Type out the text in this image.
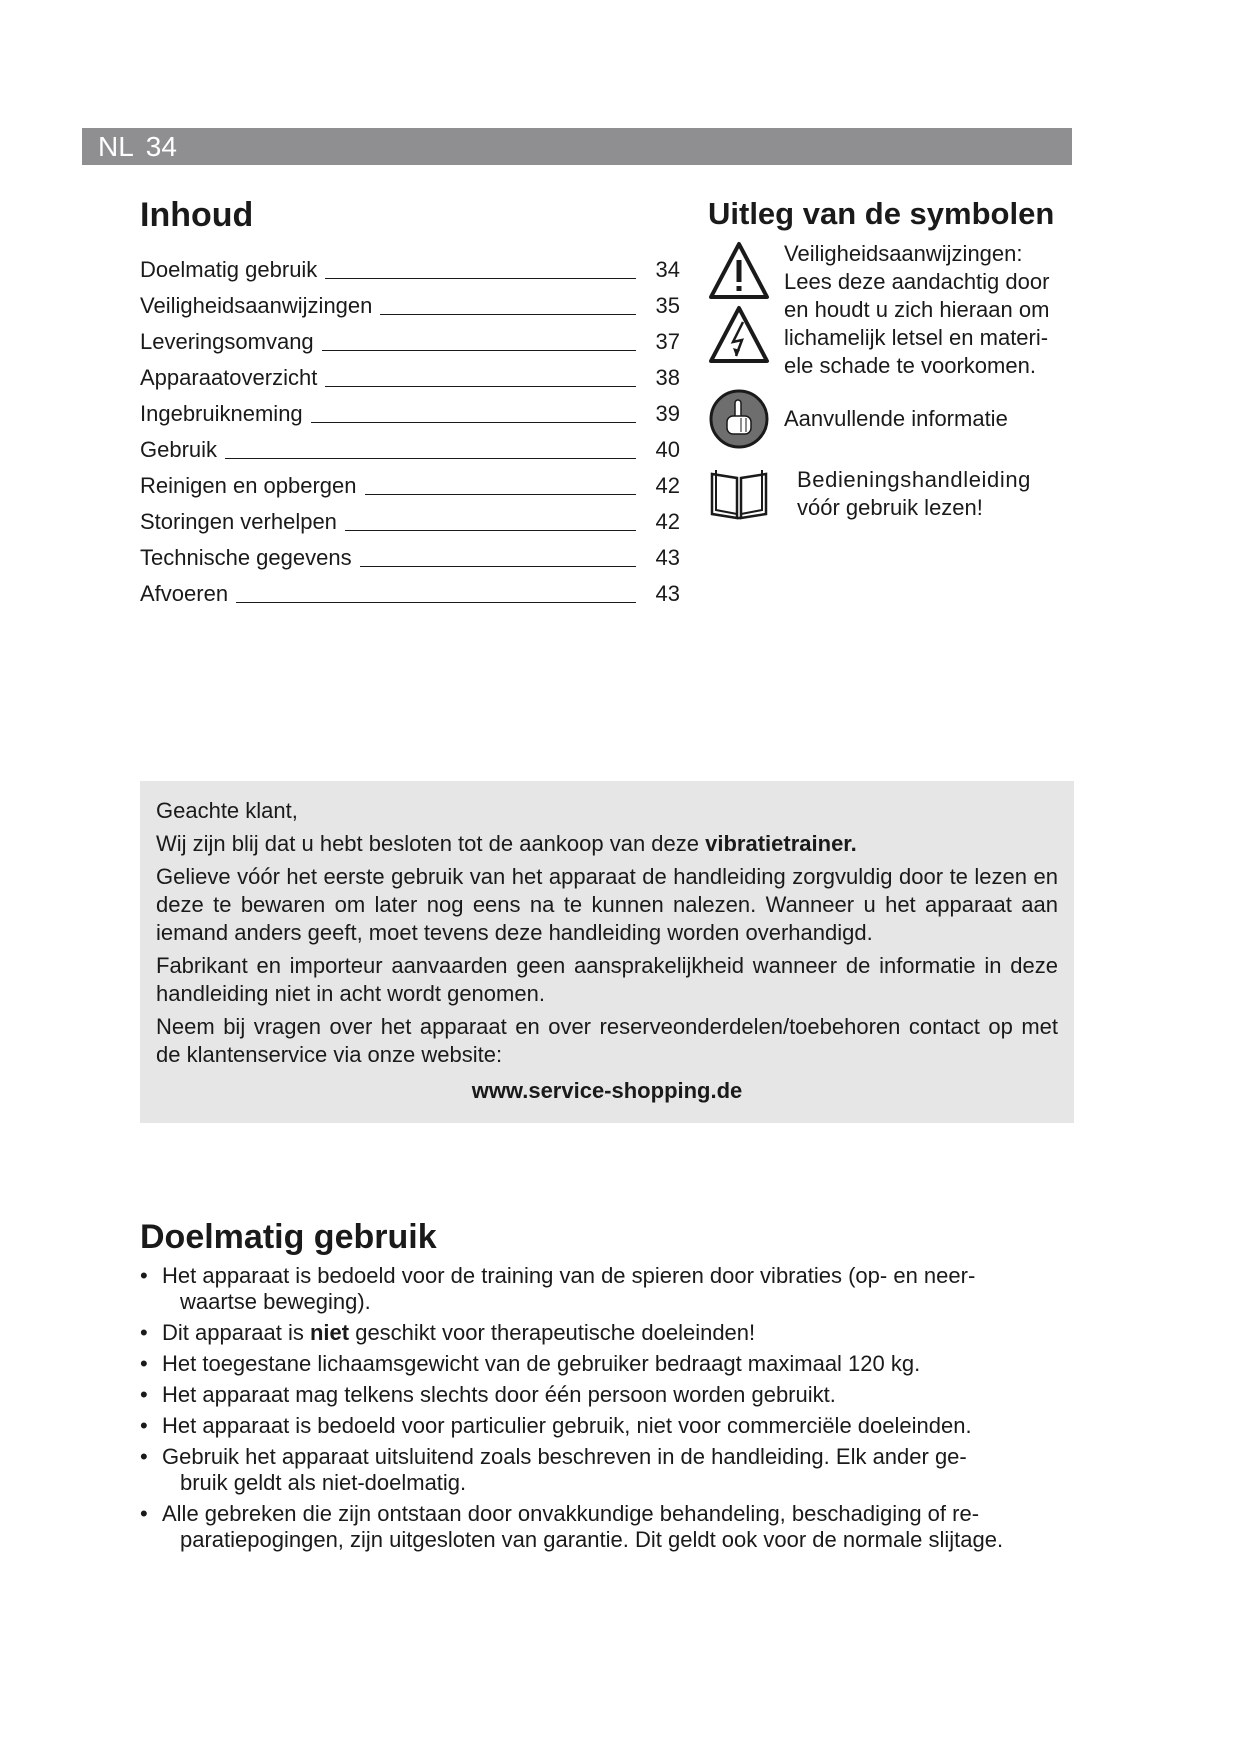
NL 34
Inhoud
Doelmatig gebruik	34
Veiligheidsaanwijzingen	35
Leveringsomvang	37
Apparaatoverzicht	38
Ingebruikneming	39
Gebruik	40
Reinigen en opbergen	42
Storingen verhelpen	42
Technische gegevens	43
Afvoeren	43
Uitleg van de symbolen
Veiligheidsaanwijzingen:
Lees deze aandachtig door
en houdt u zich hieraan om
lichamelijk letsel en materi-
ele schade te voorkomen.
Aanvullende informatie
Bedieningshandleiding
vóór gebruik lezen!

Geachte klant,

Wij zijn blij dat u hebt besloten tot de aankoop van deze vibratietrainer.

Gelieve vóór het eerste gebruik van het apparaat de handleiding zorgvuldig door te lezen en deze te bewaren om later nog eens na te kunnen nalezen. Wanneer u het apparaat aan iemand anders geeft, moet tevens deze handleiding worden overhandigd.

Fabrikant en importeur aanvaarden geen aansprakelijkheid wanneer de informatie in deze handleiding niet in acht wordt genomen.

Neem bij vragen over het apparaat en over reserveonderdelen/toebehoren contact op met de klantenservice via onze website:

www.service-shopping.de

Doelmatig gebruik
• Het apparaat is bedoeld voor de training van de spieren door vibraties (op- en neer-
waartse beweging).
• Dit apparaat is niet geschikt voor therapeutische doeleinden!
• Het toegestane lichaamsgewicht van de gebruiker bedraagt maximaal 120 kg.
• Het apparaat mag telkens slechts door één persoon worden gebruikt.
• Het apparaat is bedoeld voor particulier gebruik, niet voor commerciële doeleinden.
• Gebruik het apparaat uitsluitend zoals beschreven in de handleiding. Elk ander ge-
bruik geldt als niet-doelmatig.
• Alle gebreken die zijn ontstaan door onvakkundige behandeling, beschadiging of re-
paratiepogingen, zijn uitgesloten van garantie. Dit geldt ook voor de normale slijtage.
